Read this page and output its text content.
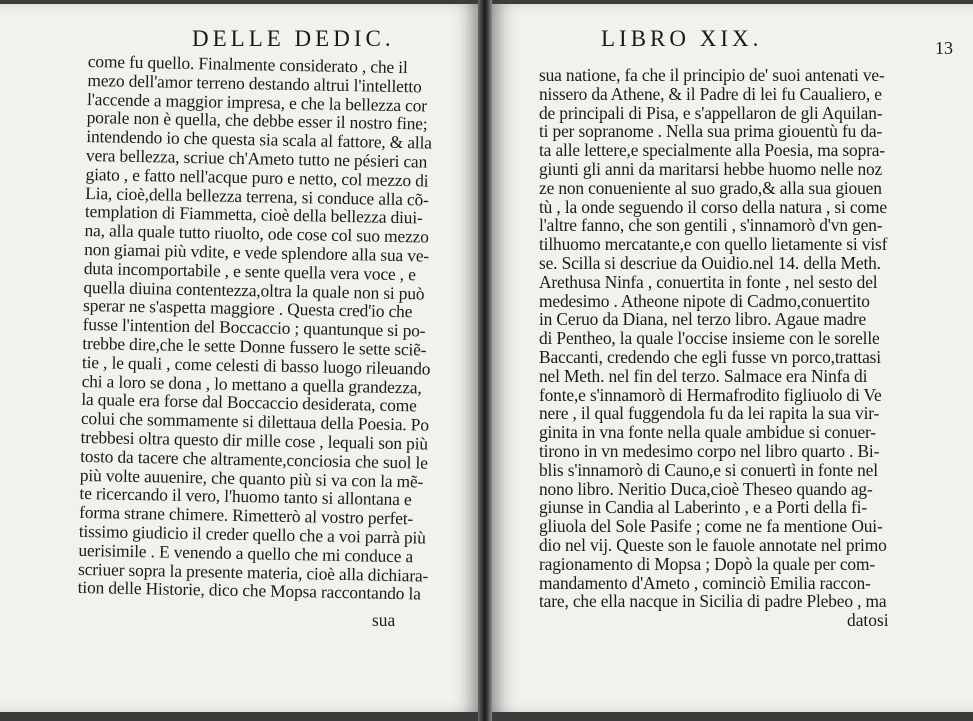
DELLE DEDIC.
come fu quello. Finalmente considerato , che il
mezo dell'amor terreno destando altrui l'intelletto
l'accende a maggior impresa, e che la bellezza cor
porale non è quella, che debbe esser il nostro fine;
intendendo io che questa sia scala al fattore, & alla
vera bellezza, scriue ch'Ameto tutto ne pésieri can
giato , e fatto nell'acque puro e netto, col mezzo di
Lia, cioè,della bellezza terrena, si conduce alla cõ-
templation di Fiammetta, cioè della bellezza diui-
na, alla quale tutto riuolto, ode cose col suo mezzo
non giamai più vdite, e vede splendore alla sua ve-
duta incomportabile , e sente quella vera voce , e
quella diuina contentezza,oltra la quale non si può
sperar ne s'aspetta maggiore . Questa cred'io che
fusse l'intention del Boccaccio ; quantunque si po-
trebbe dire,che le sette Donne fussero le sette sciẽ-
tie , le quali , come celesti di basso luogo rileuando
chi a loro se dona , lo mettano a quella grandezza,
la quale era forse dal Boccaccio desiderata, come
colui che sommamente si dilettaua della Poesia. Po
trebbesi oltra questo dir mille cose , lequali son più
tosto da tacere che altramente,conciosia che suol le
più volte auuenire, che quanto più si va con la mẽ-
te ricercando il vero, l'huomo tanto si allontana e
forma strane chimere. Rimetterò al vostro perfet-
tissimo giudicio il creder quello che a voi parrà più
uerisimile . E venendo a quello che mi conduce a
scriuer sopra la presente materia, cioè alla dichiara-
tion delle Historie, dico che Mopsa raccontando la
sua
LIBRO XIX.	13
sua natione, fa che il principio de' suoi antenati ve-
nissero da Athene, & il Padre di lei fu Caualiero, e
de principali di Pisa, e s'appellaron de gli Aquilan-
ti per sopranome . Nella sua prima giouentù fu da-
ta alle lettere,e specialmente alla Poesia, ma sopra-
giunti gli anni da maritarsi hebbe huomo nelle noz
ze non conueniente al suo grado,& alla sua giouen
tù , la onde seguendo il corso della natura , si come
l'altre fanno, che son gentili , s'innamorò d'vn gen-
tilhuomo mercatante,e con quello lietamente si visf
se. Scilla si descriue da Ouidio.nel 14. della Meth.
Arethusa Ninfa , conuertita in fonte , nel sesto del
medesimo . Atheone nipote di Cadmo,conuertito
in Ceruo da Diana, nel terzo libro. Agaue madre
di Pentheo, la quale l'occise insieme con le sorelle
Baccanti, credendo che egli fusse vn porco,trattasi
nel Meth. nel fin del terzo. Salmace era Ninfa di
fonte,e s'innamorò di Hermafrodito figliuolo di Ve
nere , il qual fuggendola fu da lei rapita la sua vir-
ginita in vna fonte nella quale ambidue si conuer-
tirono in vn medesimo corpo nel libro quarto . Bi-
blis s'innamorò di Cauno,e si conuertì in fonte nel
nono libro. Neritio Duca,cioè Theseo quando ag-
giunse in Candia al Laberinto , e a Porti della fi-
gliuola del Sole Pasife ; come ne fa mentione Oui-
dio nel vij. Queste son le fauole annotate nel primo
ragionamento di Mopsa ; Dopò la quale per com-
mandamento d'Ameto , cominciò Emilia raccon-
tare, che ella nacque in Sicilia di padre Plebeo , ma
datosi
